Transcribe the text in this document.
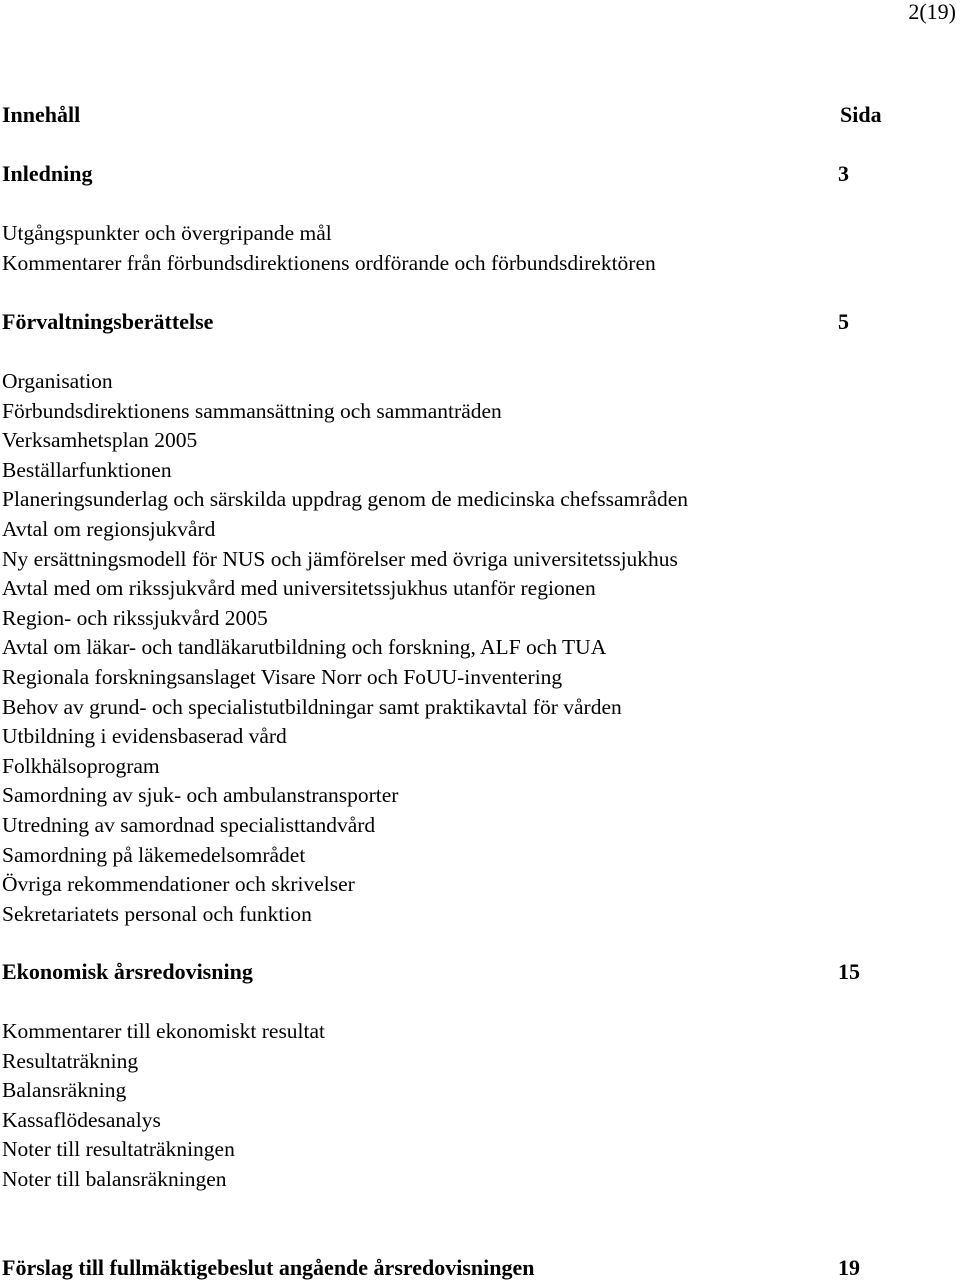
2(19)
Innehåll	Sida
Inledning	3
Utgångspunkter och övergripande mål
Kommentarer från förbundsdirektionens ordförande och förbundsdirektören
Förvaltningsberättelse	5
Organisation
Förbundsdirektionens sammansättning och sammanträden
Verksamhetsplan 2005
Beställarfunktionen
Planeringsunderlag och särskilda uppdrag genom de medicinska chefssamråden
Avtal om regionsjukvård
Ny ersättningsmodell för NUS och jämförelser med övriga universitetssjukhus
Avtal med om rikssjukvård med universitetssjukhus utanför regionen
Region- och rikssjukvård 2005
Avtal om läkar- och tandläkarutbildning och forskning, ALF och TUA
Regionala forskningsanslaget Visare Norr och FoUU-inventering
Behov av grund- och specialistutbildningar samt praktikavtal för vården
Utbildning i evidensbaserad vård
Folkhälsoprogram
Samordning av sjuk- och ambulanstransporter
Utredning av samordnad specialisttandvård
Samordning på läkemedelsområdet
Övriga rekommendationer och skrivelser
Sekretariatets personal och funktion
Ekonomisk årsredovisning	15
Kommentarer till ekonomiskt resultat
Resultaträkning
Balansräkning
Kassaflödesanalys
Noter till resultaträkningen
Noter till balansräkningen
Förslag till fullmäktigebeslut angående årsredovisningen	19
